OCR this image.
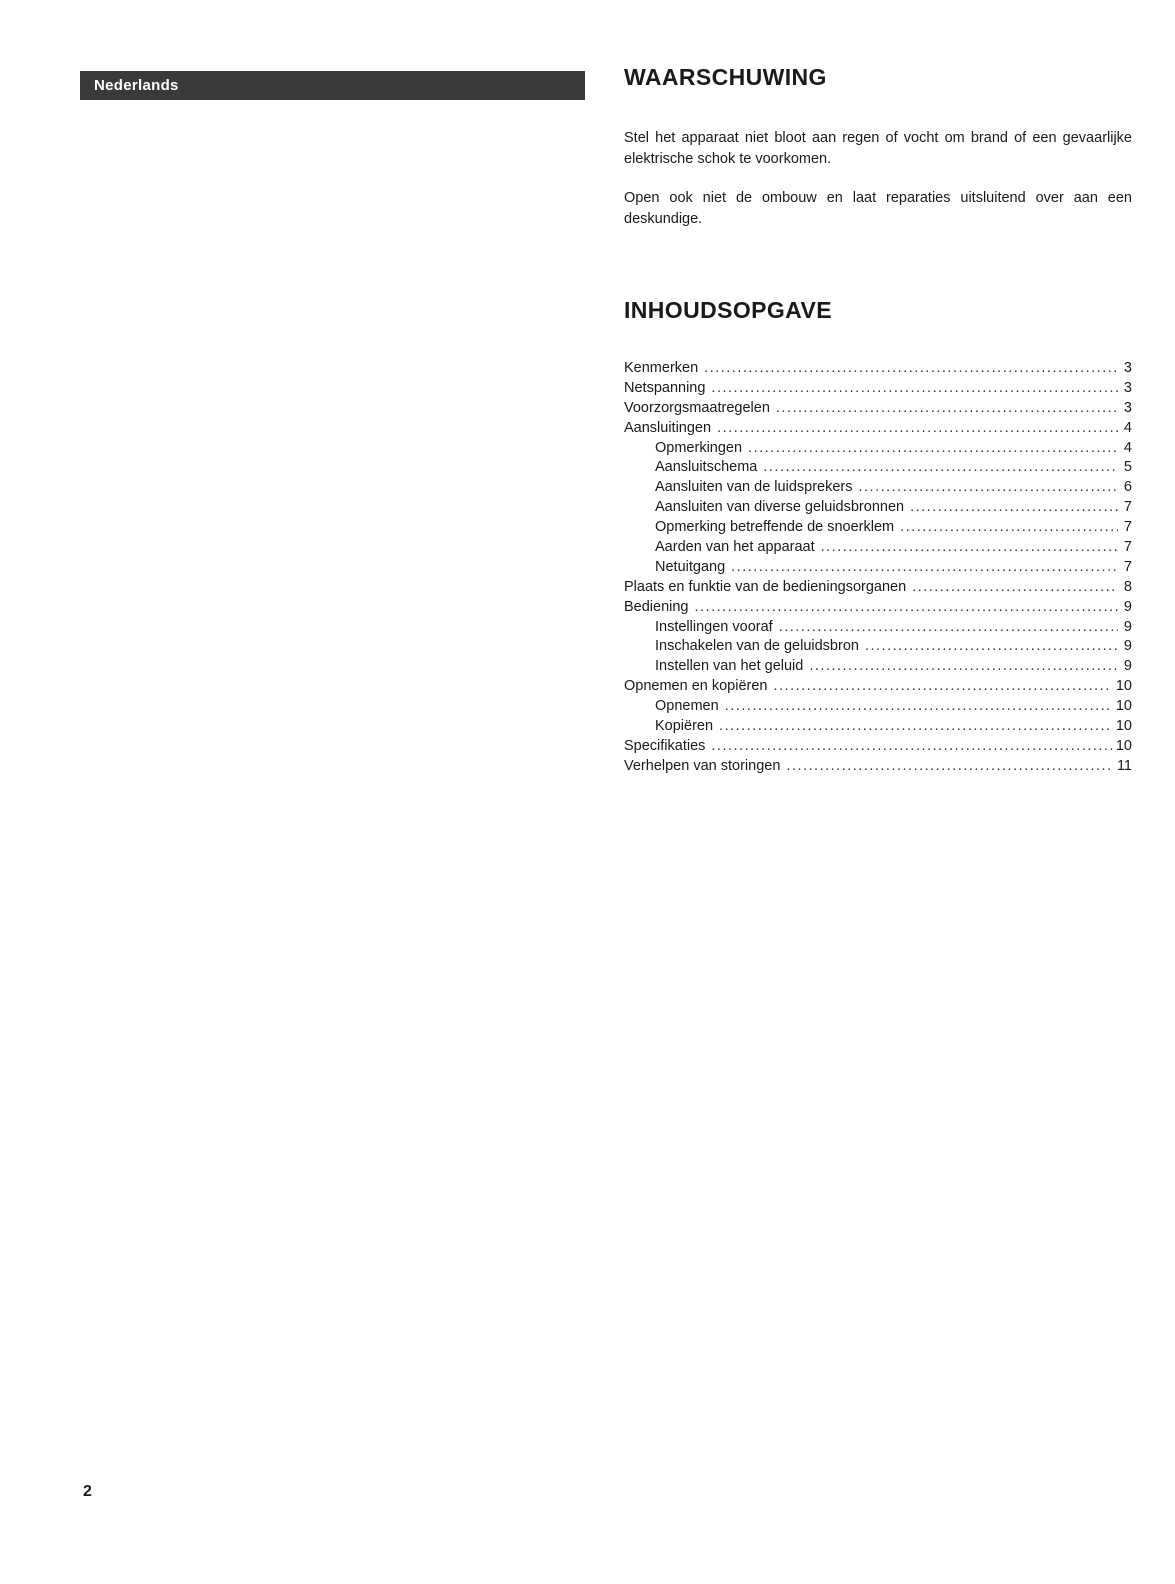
Nederlands	WAARSCHUWING

Stel het apparaat niet bloot aan regen of vocht om brand of een gevaarlijke elektrische schok te voorkomen.

Open ook niet de ombouw en laat reparaties uitsluitend over aan een deskundige.

INHOUDSOPGAVE
Kenmerken .....	3
Netspanning .....	3
Voorzorgsmaatregelen .....	3
Aansluitingen .....	4
Opmerkingen .....	4
Aansluitschema .....	5
Aansluiten van de luidsprekers .....	6
Aansluiten van diverse geluidsbronnen .....	7
Opmerking betreffende de snoerklem .....	7
Aarden van het apparaat .....	7
Netuitgang .....	7
Plaats en funktie van de bedieningsorganen .....	8
Bediening .....	9
Instellingen vooraf .....	9
Inschakelen van de geluidsbron .....	9
Instellen van het geluid .....	9
Opnemen en kopiëren .....	10
Opnemen .....	10
Kopiëren .....	10
Specifikaties .....	10
Verhelpen van storingen .....	11
2
